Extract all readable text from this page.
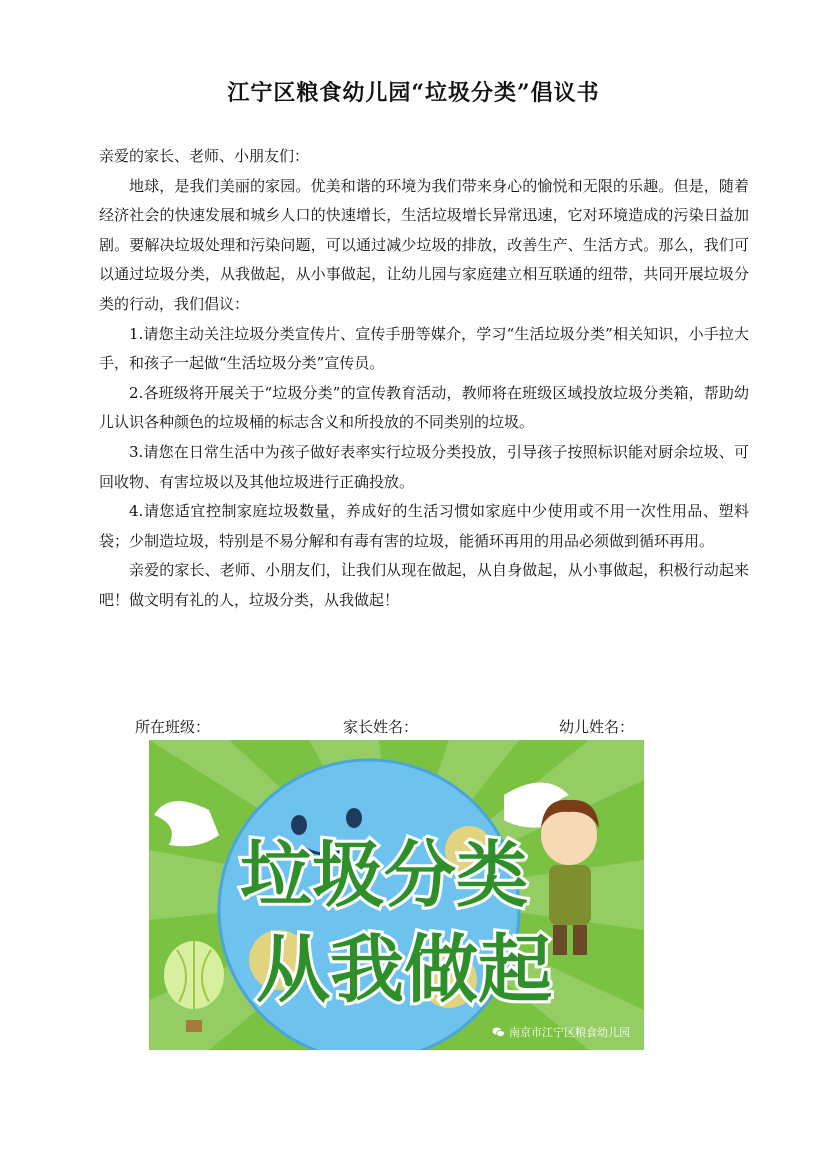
江宁区粮食幼儿园“垃圾分类”倡议书

亲爱的家长、老师、小朋友们：

地球，是我们美丽的家园。优美和谐的环境为我们带来身心的愉悦和无限的乐趣。但是，随着经济社会的快速发展和城乡人口的快速增长，生活垃圾增长异常迅速，它对环境造成的污染日益加剧。要解决垃圾处理和污染问题，可以通过减少垃圾的排放，改善生产、生活方式。那么，我们可以通过垃圾分类，从我做起，从小事做起，让幼儿园与家庭建立相互联通的纽带，共同开展垃圾分类的行动，我们倡议：

1.请您主动关注垃圾分类宣传片、宣传手册等媒介，学习“生活垃圾分类”相关知识，小手拉大手，和孩子一起做“生活垃圾分类”宣传员。

2.各班级将开展关于“垃圾分类”的宣传教育活动，教师将在班级区域投放垃圾分类箱，帮助幼儿认识各种颜色的垃圾桶的标志含义和所投放的不同类别的垃圾。

3.请您在日常生活中为孩子做好表率实行垃圾分类投放，引导孩子按照标识能对厨余垃圾、可回收物、有害垃圾以及其他垃圾进行正确投放。

4.请您适宜控制家庭垃圾数量，养成好的生活习惯如家庭中少使用或不用一次性用品、塑料袋；少制造垃圾，特别是不易分解和有毒有害的垃圾，能循环再用的用品必须做到循环再用。

亲爱的家长、老师、小朋友们，让我们从现在做起，从自身做起，从小事做起，积极行动起来吧！做文明有礼的人，垃圾分类，从我做起！

所在班级：	家长姓名：	幼儿姓名：
垃圾分类
从我做起
南京市江宁区粮食幼儿园
